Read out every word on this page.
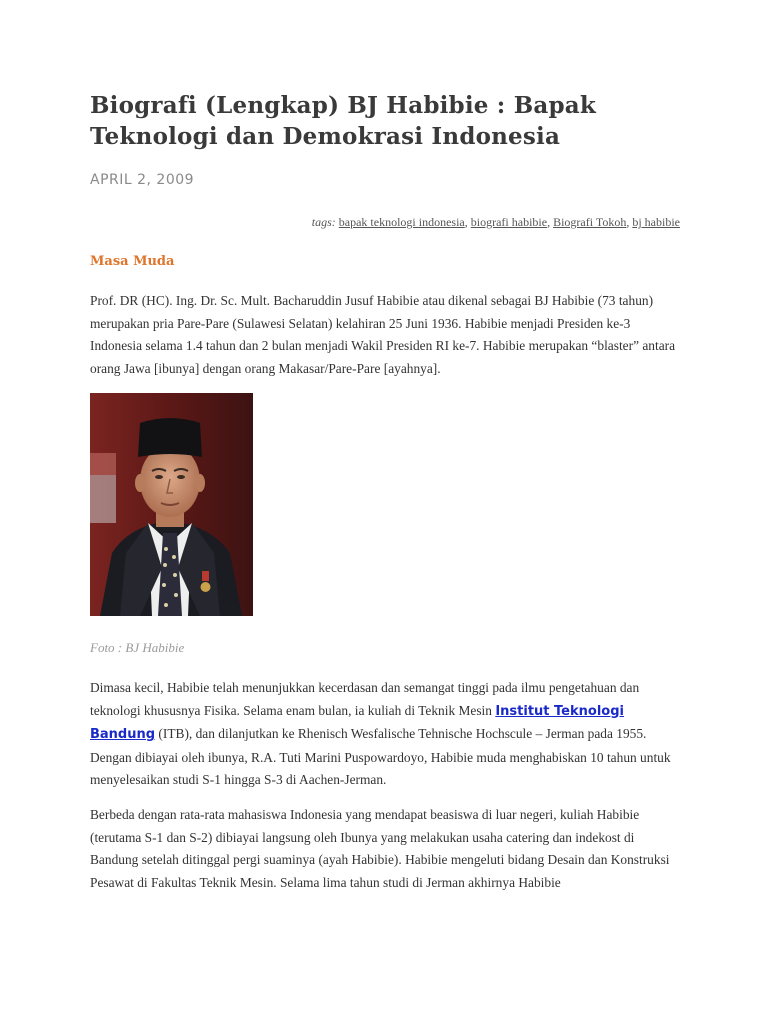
Biografi (Lengkap) BJ Habibie : Bapak Teknologi dan Demokrasi Indonesia
APRIL 2, 2009
tags: bapak teknologi indonesia, biografi habibie, Biografi Tokoh, bj habibie
Masa Muda

Prof. DR (HC). Ing. Dr. Sc. Mult. Bacharuddin Jusuf Habibie atau dikenal sebagai BJ Habibie (73 tahun) merupakan pria Pare-Pare (Sulawesi Selatan) kelahiran 25 Juni 1936. Habibie menjadi Presiden ke-3 Indonesia selama 1.4 tahun dan 2 bulan menjadi Wakil Presiden RI ke-7. Habibie merupakan “blaster” antara orang Jawa [ibunya] dengan orang Makasar/Pare-Pare [ayahnya].

Foto : BJ Habibie

Dimasa kecil, Habibie telah menunjukkan kecerdasan dan semangat tinggi pada ilmu pengetahuan dan teknologi khususnya Fisika. Selama enam bulan, ia kuliah di Teknik Mesin Institut Teknologi Bandung (ITB), dan dilanjutkan ke Rhenisch Wesfalische Tehnische Hochscule – Jerman pada 1955. Dengan dibiayai oleh ibunya, R.A. Tuti Marini Puspowardoyo, Habibie muda menghabiskan 10 tahun untuk menyelesaikan studi S-1 hingga S-3 di Aachen-Jerman.

Berbeda dengan rata-rata mahasiswa Indonesia yang mendapat beasiswa di luar negeri, kuliah Habibie (terutama S-1 dan S-2) dibiayai langsung oleh Ibunya yang melakukan usaha catering dan indekost di Bandung setelah ditinggal pergi suaminya (ayah Habibie). Habibie mengeluti bidang Desain dan Konstruksi Pesawat di Fakultas Teknik Mesin. Selama lima tahun studi di Jerman akhirnya Habibie
